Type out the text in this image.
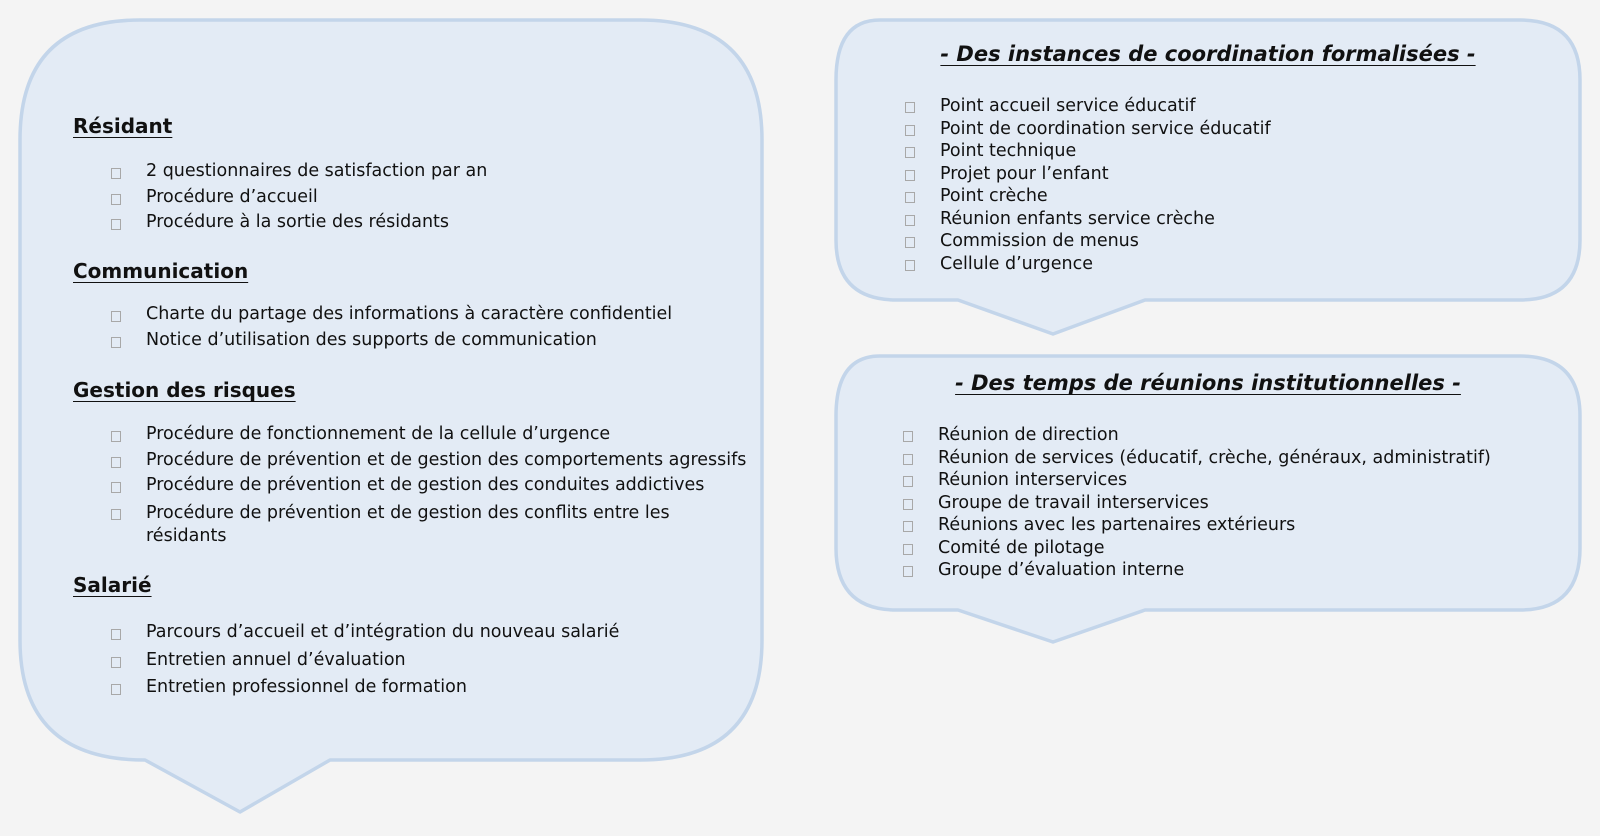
Résidant
2 questionnaires de satisfaction par an
Procédure d’accueil
Procédure à la sortie des résidants
Communication
Charte du partage des informations à caractère confidentiel
Notice d’utilisation des supports de communication
Gestion des risques
Procédure de fonctionnement de la cellule d’urgence
Procédure de prévention et de gestion des comportements agressifs
Procédure de prévention et de gestion des conduites addictives
Procédure de prévention et de gestion des conflits entre les résidants
Salarié
Parcours d’accueil et d’intégration du nouveau salarié
Entretien annuel d’évaluation
Entretien professionnel de formation
- Des instances de coordination formalisées -
Point accueil service éducatif
Point de coordination service éducatif
Point technique
Projet pour l’enfant
Point crèche
Réunion enfants service crèche
Commission de menus
Cellule d’urgence
- Des temps de réunions institutionnelles -
Réunion de direction
Réunion de services (éducatif, crèche, généraux, administratif)
Réunion interservices
Groupe de travail interservices
Réunions avec les partenaires extérieurs
Comité de pilotage
Groupe d’évaluation interne
